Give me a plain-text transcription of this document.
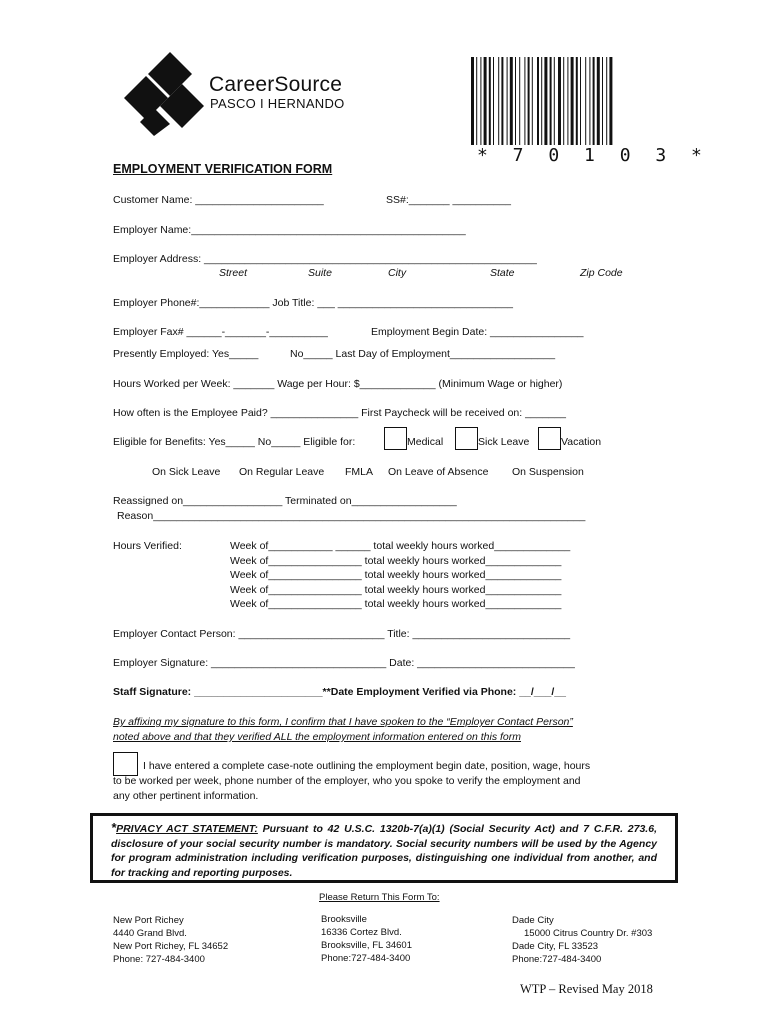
CareerSource
PASCO I HERNANDO
* 7 0 1 0 3 *
EMPLOYMENT VERIFICATION FORM
Customer Name: ______________________	SS#:_______ __________
Employer Name:_______________________________________________
Employer Address: _________________________________________________________
Street	Suite	City	State	Zip Code
Employer Phone#:____________ Job Title: ___ ______________________________
Employer Fax# ______-_______-__________	Employment Begin Date: ________________
Presently Employed: Yes_____	No_____ Last Day of Employment__________________
Hours Worked per Week: _______ Wage per Hour: $_____________ (Minimum Wage or higher)
How often is the Employee Paid? _______________ First Paycheck will be received on: _______
Eligible for Benefits: Yes_____ No_____ Eligible for:	Medical	Sick Leave	Vacation
On Sick Leave On Regular Leave FMLA On Leave of Absence On Suspension
Reassigned on_________________ Terminated on__________________
Reason__________________________________________________________________________
Hours Verified:	Week of___________ ______ total weekly hours worked_____________
Week of________________ total weekly hours worked_____________
Week of________________ total weekly hours worked_____________
Week of________________ total weekly hours worked_____________
Week of________________ total weekly hours worked_____________
Employer Contact Person: _________________________ Title: ___________________________
Employer Signature: ______________________________ Date: ___________________________
Staff Signature: ______________________**Date Employment Verified via Phone: __/___/__
By affixing my signature to this form, I confirm that I have spoken to the “Employer Contact Person”
noted above and that they verified ALL the employment information entered on this form
I have entered a complete case-note outlining the employment begin date, position, wage, hours
to be worked per week, phone number of the employer, who you spoke to verify the employment and
any other pertinent information.
*PRIVACY ACT STATEMENT: Pursuant to 42 U.S.C. 1320b-7(a)(1) (Social Security Act) and 7 C.F.R. 273.6, disclosure of your social security number is mandatory. Social security numbers will be used by the Agency for program administration including verification purposes, distinguishing one individual from another, and for tracking and reporting purposes.
Please Return This Form To:
New Port Richey
4440 Grand Blvd.
New Port Richey, FL 34652
Phone: 727-484-3400
Brooksville
16336 Cortez Blvd.
Brooksville, FL 34601
Phone:727-484-3400
Dade City
15000 Citrus Country Dr. #303
Dade City, FL 33523
Phone:727-484-3400
WTP – Revised May 2018
